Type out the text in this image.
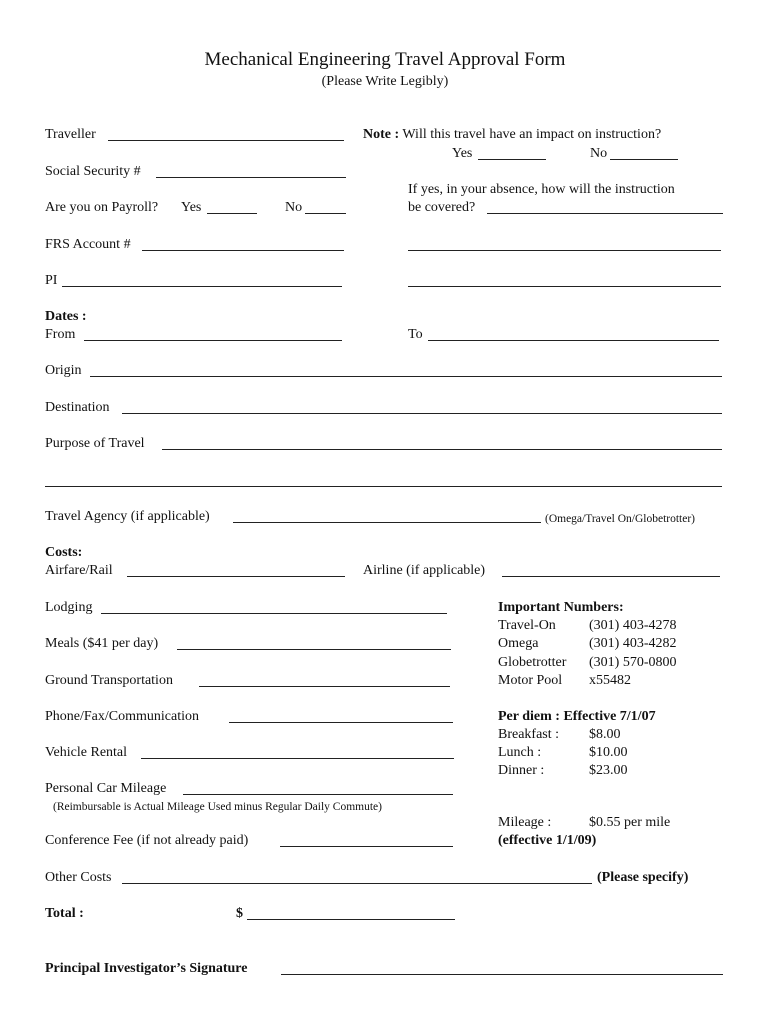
Mechanical Engineering Travel Approval Form
(Please Write Legibly)
Traveller
Social Security #
Are you on Payroll? Yes	No
FRS Account #
PI
Note : Will this travel have an impact on instruction?
Yes	No
If yes, in your absence, how will the instruction
be covered?
Dates :
From	To
Origin
Destination
Purpose of Travel
Travel Agency (if applicable)	(Omega/Travel On/Globetrotter)
Costs:
Airfare/Rail	Airline (if applicable)
Lodging
Meals ($41 per day)
Ground Transportation
Phone/Fax/Communication
Vehicle Rental
Personal Car Mileage
(Reimbursable is Actual Mileage Used minus Regular Daily Commute)
Conference Fee (if not already paid)
Other Costs	(Please specify)
Total :	$
Important Numbers:
Travel-On (301) 403-4278
Omega	(301) 403-4282
Globetrotter (301) 570-0800
Motor Pool x55482
Per diem : Effective 7/1/07
Breakfast : $8.00
Lunch :	$10.00
Dinner :	$23.00
Mileage :	$0.55 per mile
(effective 1/1/09)
Principal Investigator’s Signature
